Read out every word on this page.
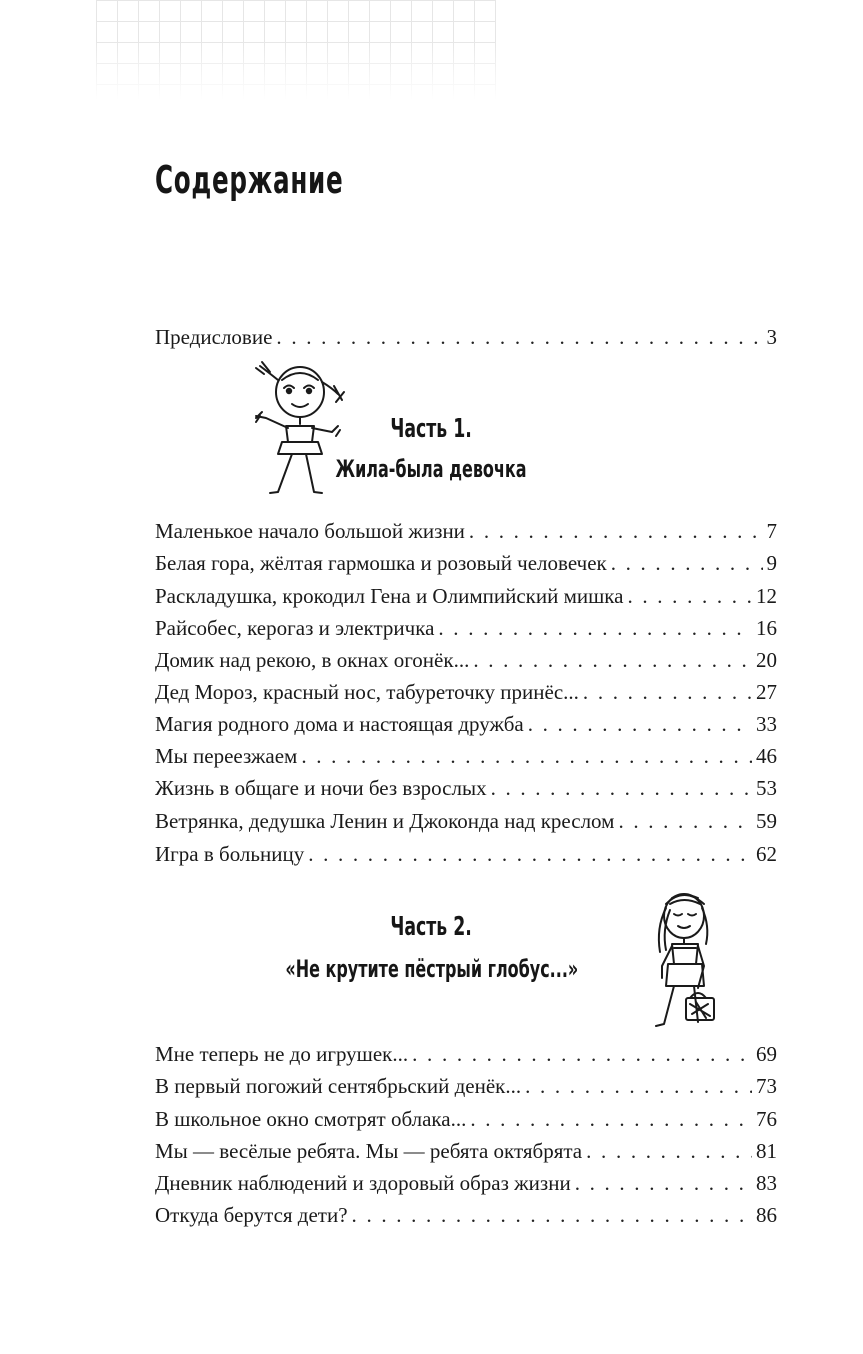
Содержание
Предисловие . . .	3
Часть 1.
Жила-была девочка
Маленькое начало большой жизни . . .	7
Белая гора, жёлтая гармошка и розовый человечек . . .	9
Раскладушка, крокодил Гена и Олимпийский мишка . . .	12
Райсобес, керогаз и электричка . . .	16
Домик над рекою, в окнах огонёк... . . .	20
Дед Мороз, красный нос, табуреточку принёс... . . .	27
Магия родного дома и настоящая дружба . . .	33
Мы переезжаем . . .	46
Жизнь в общаге и ночи без взрослых . . .	53
Ветрянка, дедушка Ленин и Джоконда над креслом . . .	59
Игра в больницу . . .	62
Часть 2.
«Не крутите пёстрый глобус...»
Мне теперь не до игрушек... . . .	69
В первый погожий сентябрьский денёк... . . .	73
В школьное окно смотрят облака... . . .	76
Мы — весёлые ребята. Мы — ребята октябрята . . .	81
Дневник наблюдений и здоровый образ жизни . . .	83
Откуда берутся дети? . . .	86
